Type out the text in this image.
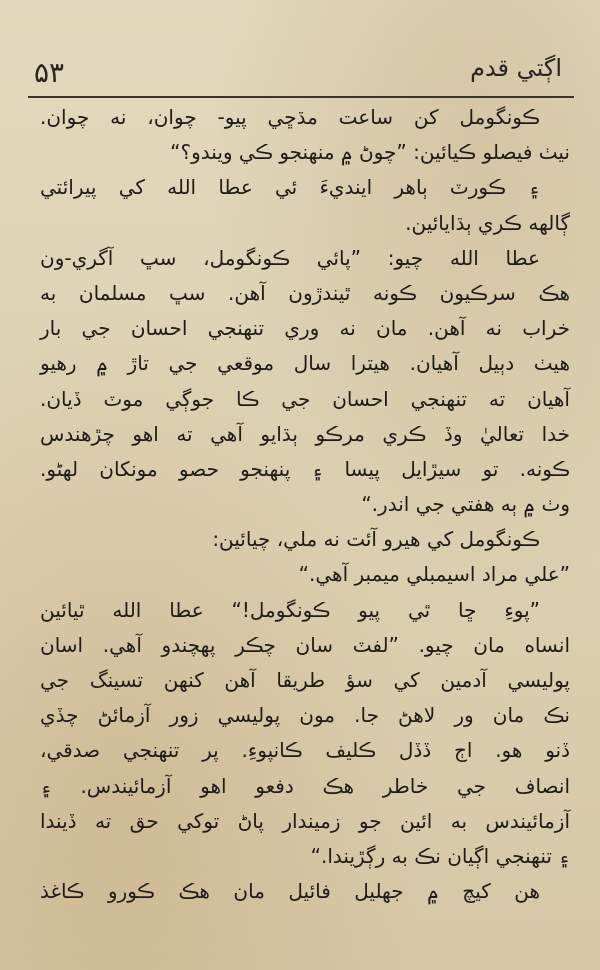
۵۳	اڳتي قدم
ڪونگومل کن ساعت مڌڇي پيو- چوان، نه چوان.
نيٺ فيصلو ڪيائين: ”چوڻ ۾ منهنجو ڪي ويندو؟“
۽ ڪورٽ ٻاهر اينديءَ ئي عطا الله کي پيرائتي
ڳالهه ڪري ٻڌايائين.
عطا الله چيو: ”پائي ڪونگومل، سڀ آگري-ون
هڪ سرڪيون ڪونه ٿيندڙون آهن. سڀ مسلمان به
خراب نه آهن. مان نه وري تنهنجي احسان جي بار
هيٺ دٻيل آهيان. هيترا سال موقعي جي تاڙ ۾ رهيو
آهيان ته تنهنجي احسان جي ڪا جوڳي موٽ ڏيان.
خدا تعاليٰ وڏ ڪري مرڪو ٻڌايو آهي ته اهو چڙهندس
ڪونه. تو سيڙايل پيسا ۽ پنهنجو حصو مونکان لهڻو.
وٺ ۾ ٻه هفتي جي اندر.“
ڪونگومل کي هيرو آئت نه ملي، چيائين:
”علي مراد اسيمبلي ميمبر آهي.“
”پوءِ ڇا ٿي پيو ڪونگومل!“ عطا الله ٿيائين
انساه مان چيو. ”لفٽ سان چڪر پهچندو آهي. اسان
پوليسي آدمين کي سؤ طريقا آهن کنهن تسينگ جي
نڪ مان ور لاهڻ جا. مون پوليسي زور آزمائڻ چڏي
ڏنو هو. اڄ ڏڏل ڪليف ڪانپوءِ. پر تنهنجي صدقي،
انصاف جي خاطر هڪ دفعو اهو آزمائيندس. ۽
آزمائيندس به ائين جو زميندار پاڻ توکي حق ته ڏيندا
۽ تنهنجي اڳيان نڪ به رڳڙيندا.“
هن کيچ ۾ جهليل فائيل مان هڪ ڪورو ڪاغذ
